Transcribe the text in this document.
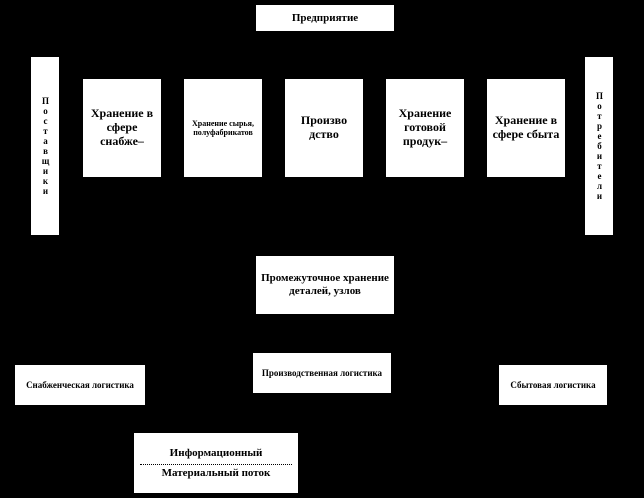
Предприятие
Поставщики	Потребители
Хранение в сфере снабже–
Хранение сырья, полуфабрикатов
Произво дство
Хранение готовой продук–
Хранение в сфере сбыта
Промежуточное хранение деталей, узлов
Снабженческая логистика
Производственная логистика
Сбытовая логистика
Информационный
Материальный поток
